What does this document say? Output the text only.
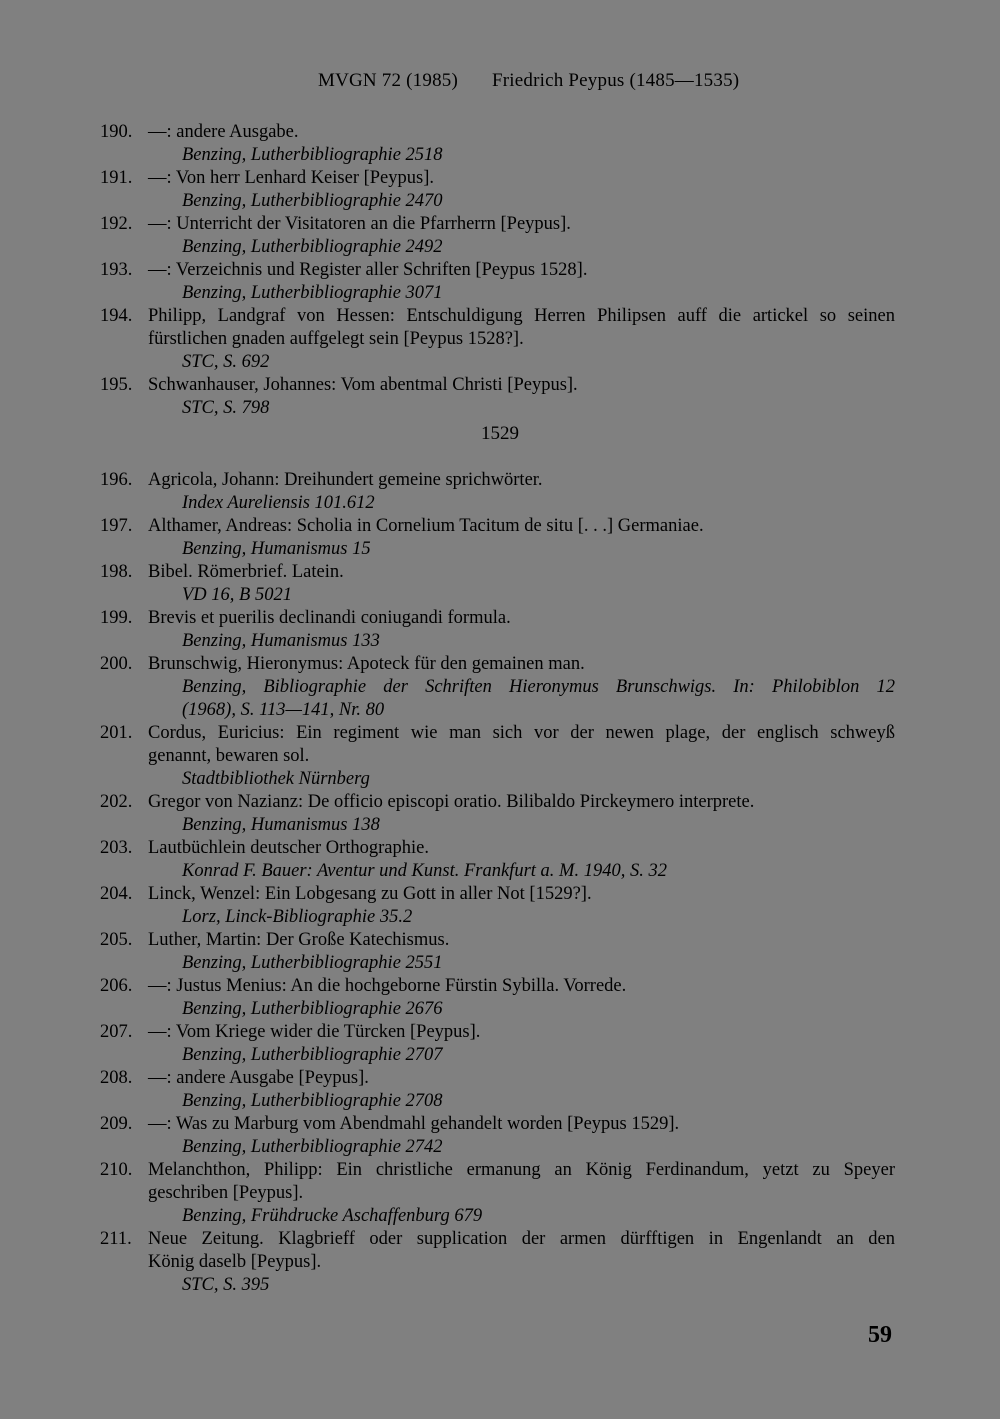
MVGN 72 (1985) Friedrich Peypus (1485—1535)
190. —: andere Ausgabe.
Benzing, Lutherbibliographie 2518
191. —: Von herr Lenhard Keiser [Peypus].
Benzing, Lutherbibliographie 2470
192. —: Unterricht der Visitatoren an die Pfarrherrn [Peypus].
Benzing, Lutherbibliographie 2492
193. —: Verzeichnis und Register aller Schriften [Peypus 1528].
Benzing, Lutherbibliographie 3071
194. Philipp, Landgraf von Hessen: Entschuldigung Herren Philipsen auff die artickel so seinen
fürstlichen gnaden auffgelegt sein [Peypus 1528?].
STC, S. 692
195. Schwanhauser, Johannes: Vom abentmal Christi [Peypus].
STC, S. 798
1529
196. Agricola, Johann: Dreihundert gemeine sprichwörter.
Index Aureliensis 101.612
197. Althamer, Andreas: Scholia in Cornelium Tacitum de situ [. . .] Germaniae.
Benzing, Humanismus 15
198. Bibel. Römerbrief. Latein.
VD 16, B 5021
199. Brevis et puerilis declinandi coniugandi formula.
Benzing, Humanismus 133
200. Brunschwig, Hieronymus: Apoteck für den gemainen man.
Benzing, Bibliographie der Schriften Hieronymus Brunschwigs. In: Philobiblon 12
(1968), S. 113—141, Nr. 80
201. Cordus, Euricius: Ein regiment wie man sich vor der newen plage, der englisch schweyß
genannt, bewaren sol.
Stadtbibliothek Nürnberg
202. Gregor von Nazianz: De officio episcopi oratio. Bilibaldo Pirckeymero interprete.
Benzing, Humanismus 138
203. Lautbüchlein deutscher Orthographie.
Konrad F. Bauer: Aventur und Kunst. Frankfurt a. M. 1940, S. 32
204. Linck, Wenzel: Ein Lobgesang zu Gott in aller Not [1529?].
Lorz, Linck-Bibliographie 35.2
205. Luther, Martin: Der Große Katechismus.
Benzing, Lutherbibliographie 2551
206. —: Justus Menius: An die hochgeborne Fürstin Sybilla. Vorrede.
Benzing, Lutherbibliographie 2676
207. —: Vom Kriege wider die Türcken [Peypus].
Benzing, Lutherbibliographie 2707
208. —: andere Ausgabe [Peypus].
Benzing, Lutherbibliographie 2708
209. —: Was zu Marburg vom Abendmahl gehandelt worden [Peypus 1529].
Benzing, Lutherbibliographie 2742
210. Melanchthon, Philipp: Ein christliche ermanung an König Ferdinandum, yetzt zu Speyer
geschriben [Peypus].
Benzing, Frühdrucke Aschaffenburg 679
211. Neue Zeitung. Klagbrieff oder supplication der armen dürfftigen in Engenlandt an den
König daselb [Peypus].
STC, S. 395
59
